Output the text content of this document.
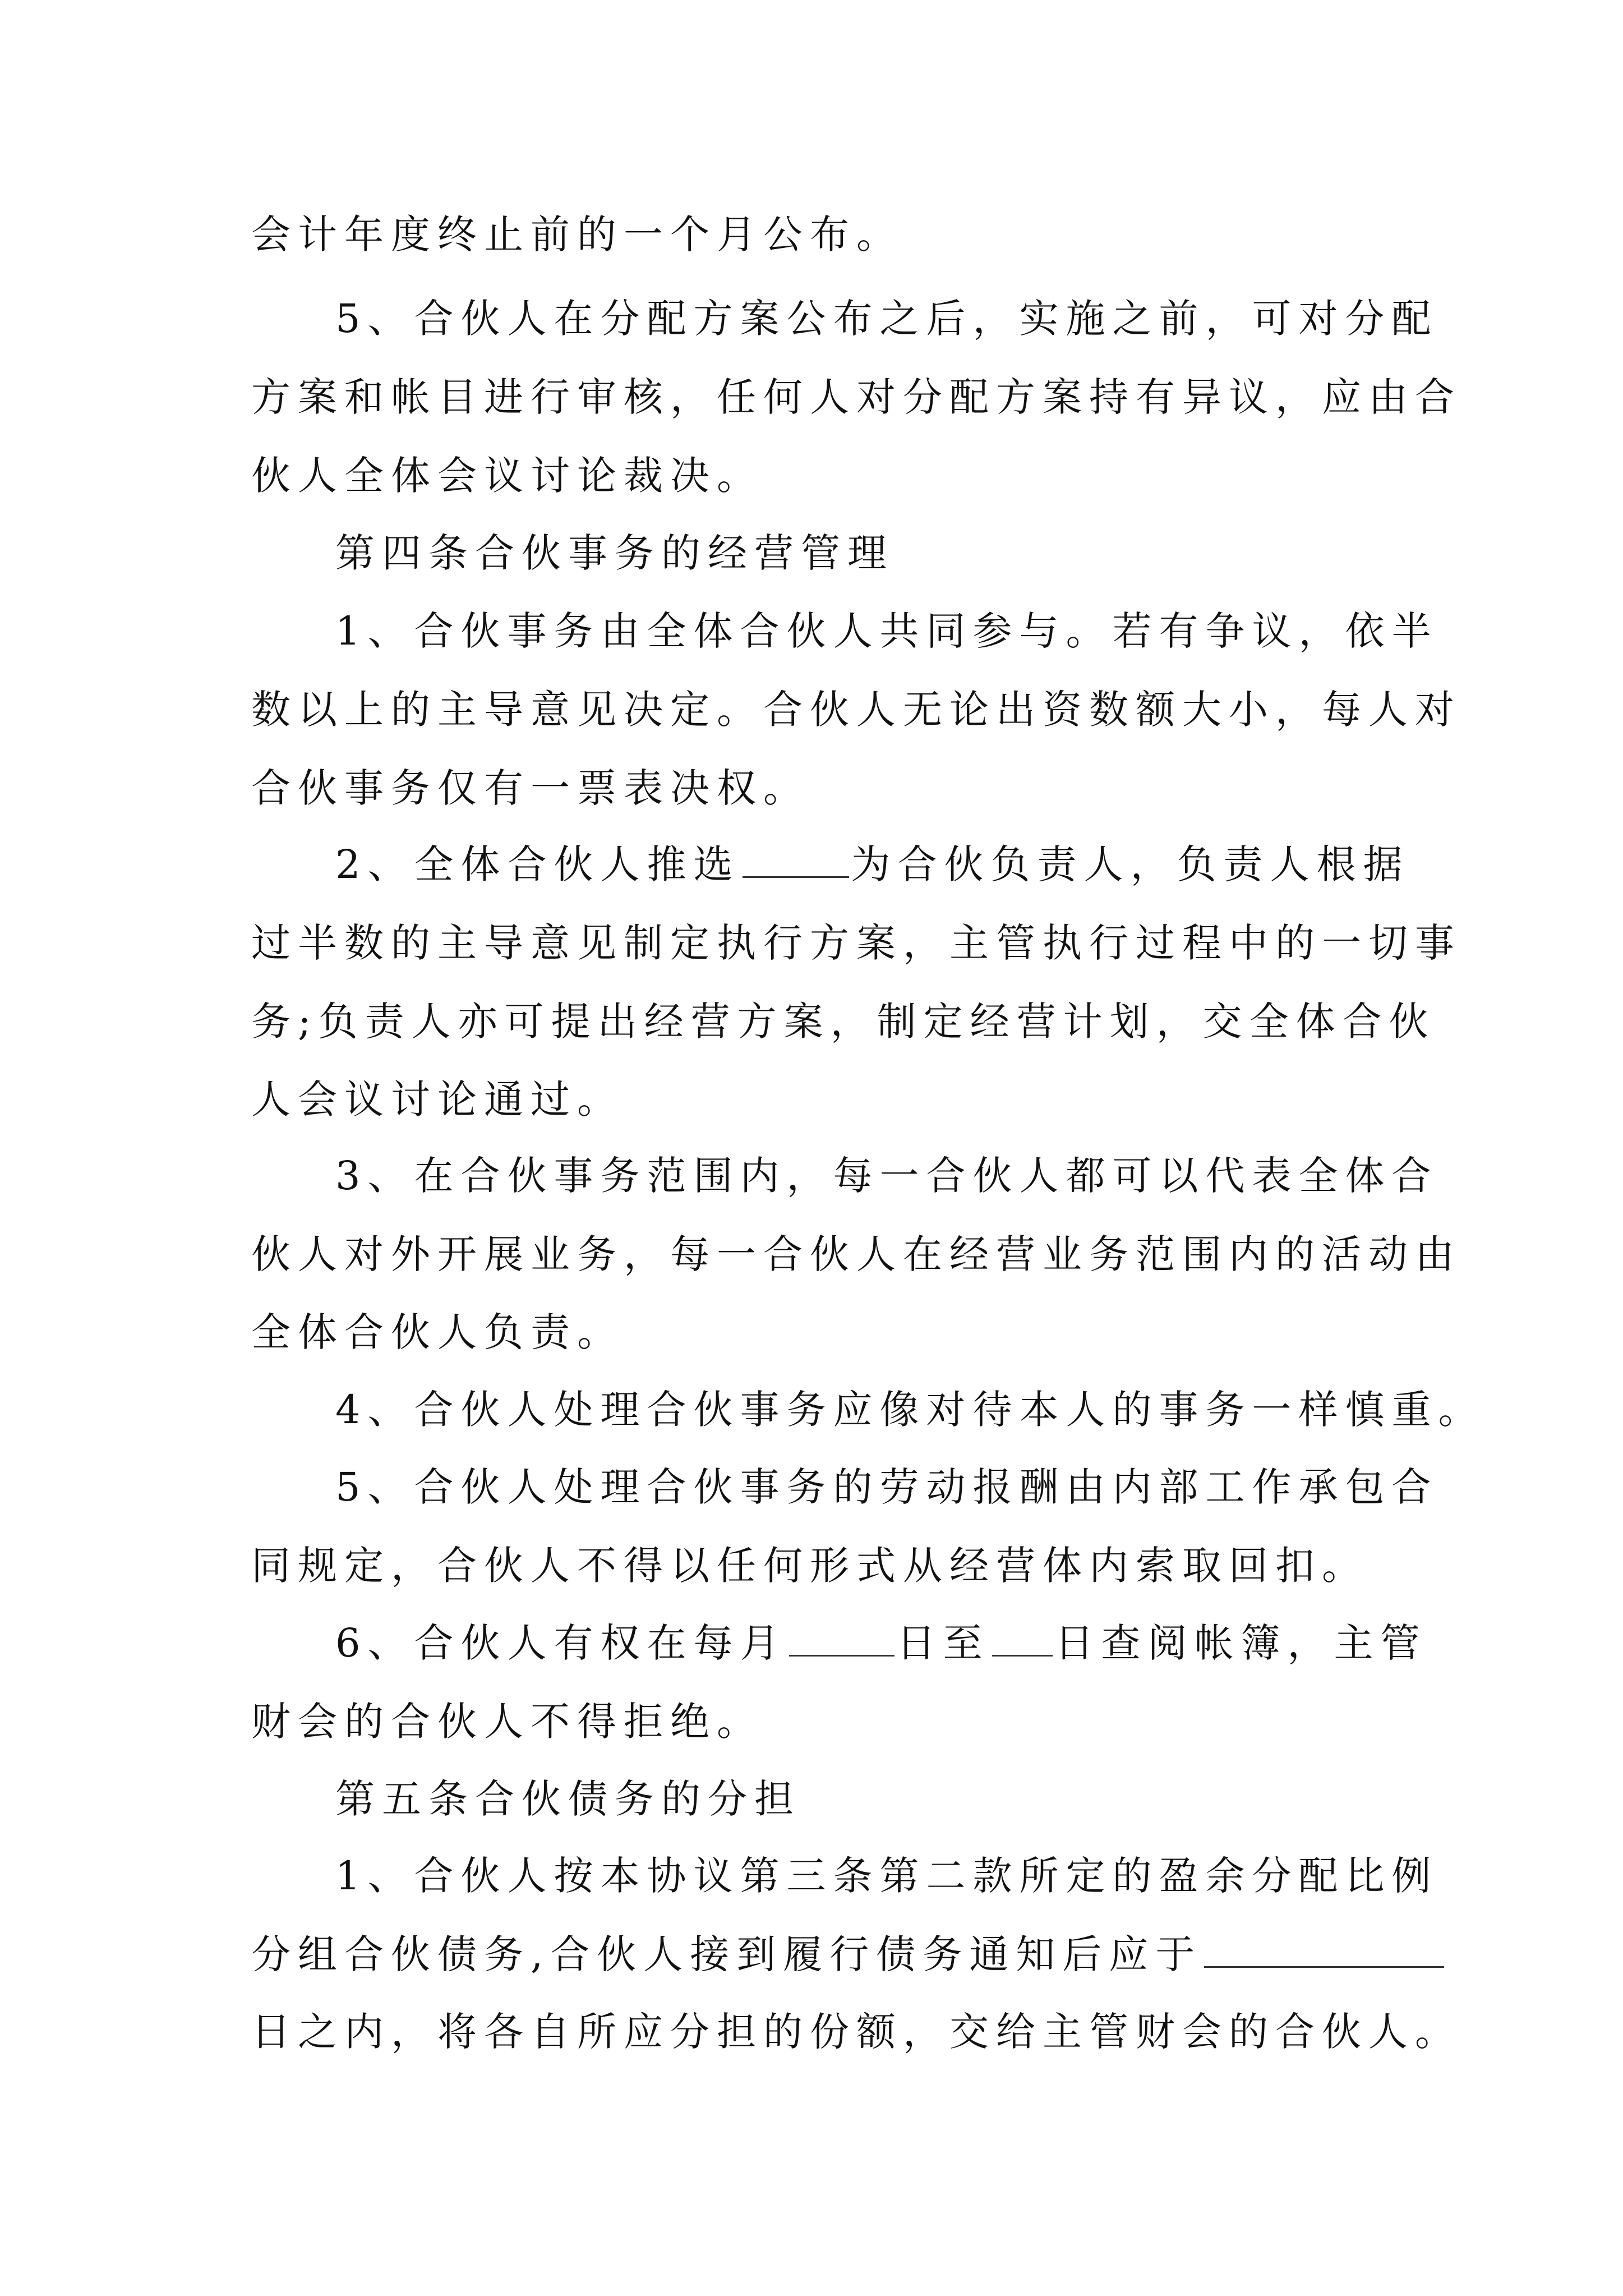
会计年度终止前的一个月公布。
5、合伙人在分配方案公布之后，实施之前，可对分配
方案和帐目进行审核，任何人对分配方案持有异议，应由合
伙人全体会议讨论裁决。
第四条合伙事务的经营管理
1、合伙事务由全体合伙人共同参与。若有争议，依半
数以上的主导意见决定。合伙人无论出资数额大小，每人对
合伙事务仅有一票表决权。
2、全体合伙人推选	为合伙负责人，负责人根据
过半数的主导意见制定执行方案，主管执行过程中的一切事
务;负责人亦可提出经营方案，制定经营计划，交全体合伙
人会议讨论通过。
3、在合伙事务范围内，每一合伙人都可以代表全体合
伙人对外开展业务，每一合伙人在经营业务范围内的活动由
全体合伙人负责。
4、合伙人处理合伙事务应像对待本人的事务一样慎重。
5、合伙人处理合伙事务的劳动报酬由内部工作承包合
同规定，合伙人不得以任何形式从经营体内索取回扣。
6、合伙人有权在每月	日至 日查阅帐簿，主管
财会的合伙人不得拒绝。
第五条合伙债务的分担
1、合伙人按本协议第三条第二款所定的盈余分配比例
分组合伙债务,合伙人接到履行债务通知后应于
日之内，将各自所应分担的份额，交给主管财会的合伙人。
